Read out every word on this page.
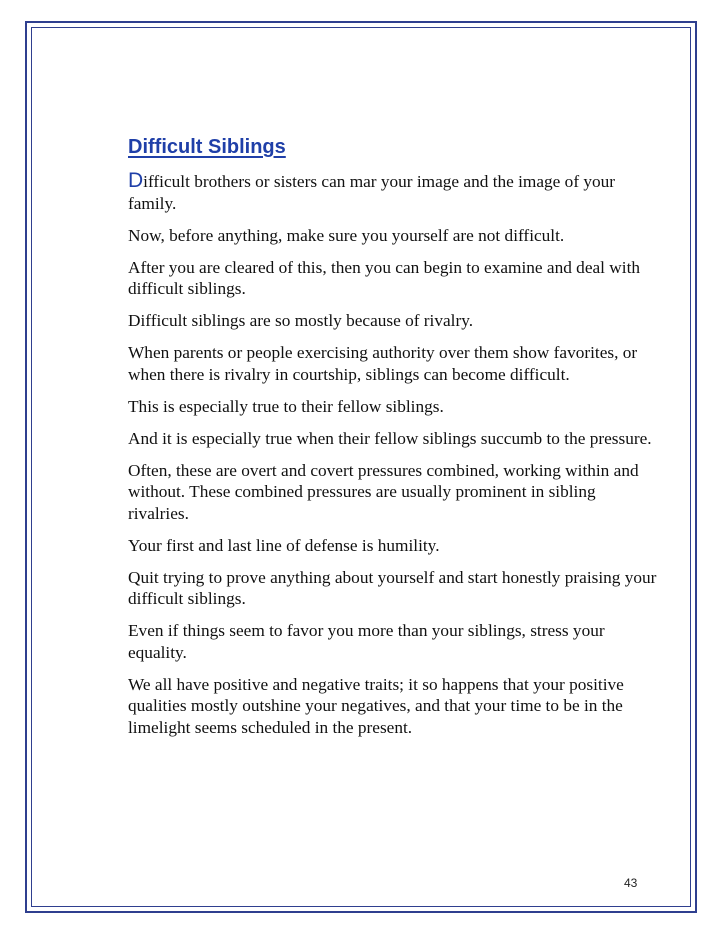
Difficult Siblings

Difficult brothers or sisters can mar your image and the image of your family.

Now, before anything, make sure you yourself are not difficult.

After you are cleared of this, then you can begin to examine and deal with difficult siblings.

Difficult siblings are so mostly because of rivalry.

When parents or people exercising authority over them show favorites, or when there is rivalry in courtship, siblings can become difficult.

This is especially true to their fellow siblings.

And it is especially true when their fellow siblings succumb to the pressure.

Often, these are overt and covert pressures combined, working within and without. These combined pressures are usually prominent in sibling rivalries.

Your first and last line of defense is humility.

Quit trying to prove anything about yourself and start honestly praising your difficult siblings.

Even if things seem to favor you more than your siblings, stress your equality.

We all have positive and negative traits; it so happens that your positive qualities mostly outshine your negatives, and that your time to be in the limelight seems scheduled in the present.

43
